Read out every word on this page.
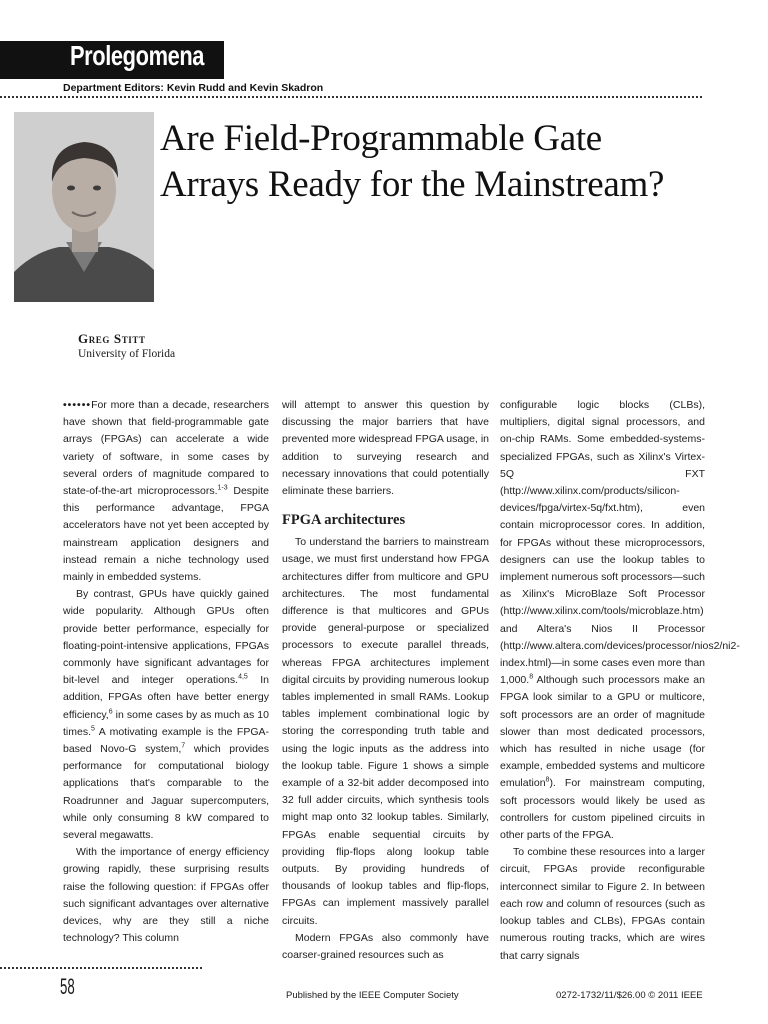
Prolegomena
Department Editors: Kevin Rudd and Kevin Skadron
Are Field-Programmable Gate
Arrays Ready for the Mainstream?
Greg Stitt
University of Florida

••••••For more than a decade, researchers have shown that field-programmable gate arrays (FPGAs) can accelerate a wide variety of software, in some cases by several orders of magnitude compared to state-of-the-art microprocessors.$^{1-3}$ Despite this performance advantage, FPGA accelerators have not yet been accepted by mainstream application designers and instead remain a niche technology used mainly in embedded systems.

By contrast, GPUs have quickly gained wide popularity. Although GPUs often provide better performance, especially for floating-point-intensive applications, FPGAs commonly have significant advantages for bit-level and integer operations.$^{4,5}$ In addition, FPGAs often have better energy efficiency,$^6$ in some cases by as much as 10 times.$^5$ A motivating example is the FPGA-based Novo-G system,$^7$ which provides performance for computational biology applications that's comparable to the Roadrunner and Jaguar supercomputers, while only consuming 8 kW compared to several megawatts.

With the importance of energy efficiency growing rapidly, these surprising results raise the following question: if FPGAs offer such significant advantages over alternative devices, why are they still a niche technology? This column

will attempt to answer this question by discussing the major barriers that have prevented more widespread FPGA usage, in addition to surveying research and necessary innovations that could potentially eliminate these barriers.

FPGA architectures

To understand the barriers to mainstream usage, we must first understand how FPGA architectures differ from multicore and GPU architectures. The most fundamental difference is that multicores and GPUs provide general-purpose or specialized processors to execute parallel threads, whereas FPGA architectures implement digital circuits by providing numerous lookup tables implemented in small RAMs. Lookup tables implement combinational logic by storing the corresponding truth table and using the logic inputs as the address into the lookup table. Figure 1 shows a simple example of a 32-bit adder decomposed into 32 full adder circuits, which synthesis tools might map onto 32 lookup tables. Similarly, FPGAs enable sequential circuits by providing flip-flops along lookup table outputs. By providing hundreds of thousands of lookup tables and flip-flops, FPGAs can implement massively parallel circuits.

Modern FPGAs also commonly have coarser-grained resources such as

configurable logic blocks (CLBs), multipliers, digital signal processors, and on-chip RAMs. Some embedded-systems-specialized FPGAs, such as Xilinx's Virtex-5Q FXT (http://www.xilinx.com/products/silicon-devices/fpga/virtex-5q/fxt.htm), even contain microprocessor cores. In addition, for FPGAs without these microprocessors, designers can use the lookup tables to implement numerous soft processors—such as Xilinx's MicroBlaze Soft Processor (http://www.xilinx.com/tools/microblaze.htm) and Altera's Nios II Processor (http://www.altera.com/devices/processor/nios2/ni2-index.html)—in some cases even more than 1,000.$^8$ Although such processors make an FPGA look similar to a GPU or multicore, soft processors are an order of magnitude slower than most dedicated processors, which has resulted in niche usage (for example, embedded systems and multicore emulation$^8$). For mainstream computing, soft processors would likely be used as controllers for custom pipelined circuits in other parts of the FPGA.

To combine these resources into a larger circuit, FPGAs provide reconfigurable interconnect similar to Figure 2. In between each row and column of resources (such as lookup tables and CLBs), FPGAs contain numerous routing tracks, which are wires that carry signals

58	Published by the IEEE Computer Society	0272-1732/11/$26.00 © 2011 IEEE
